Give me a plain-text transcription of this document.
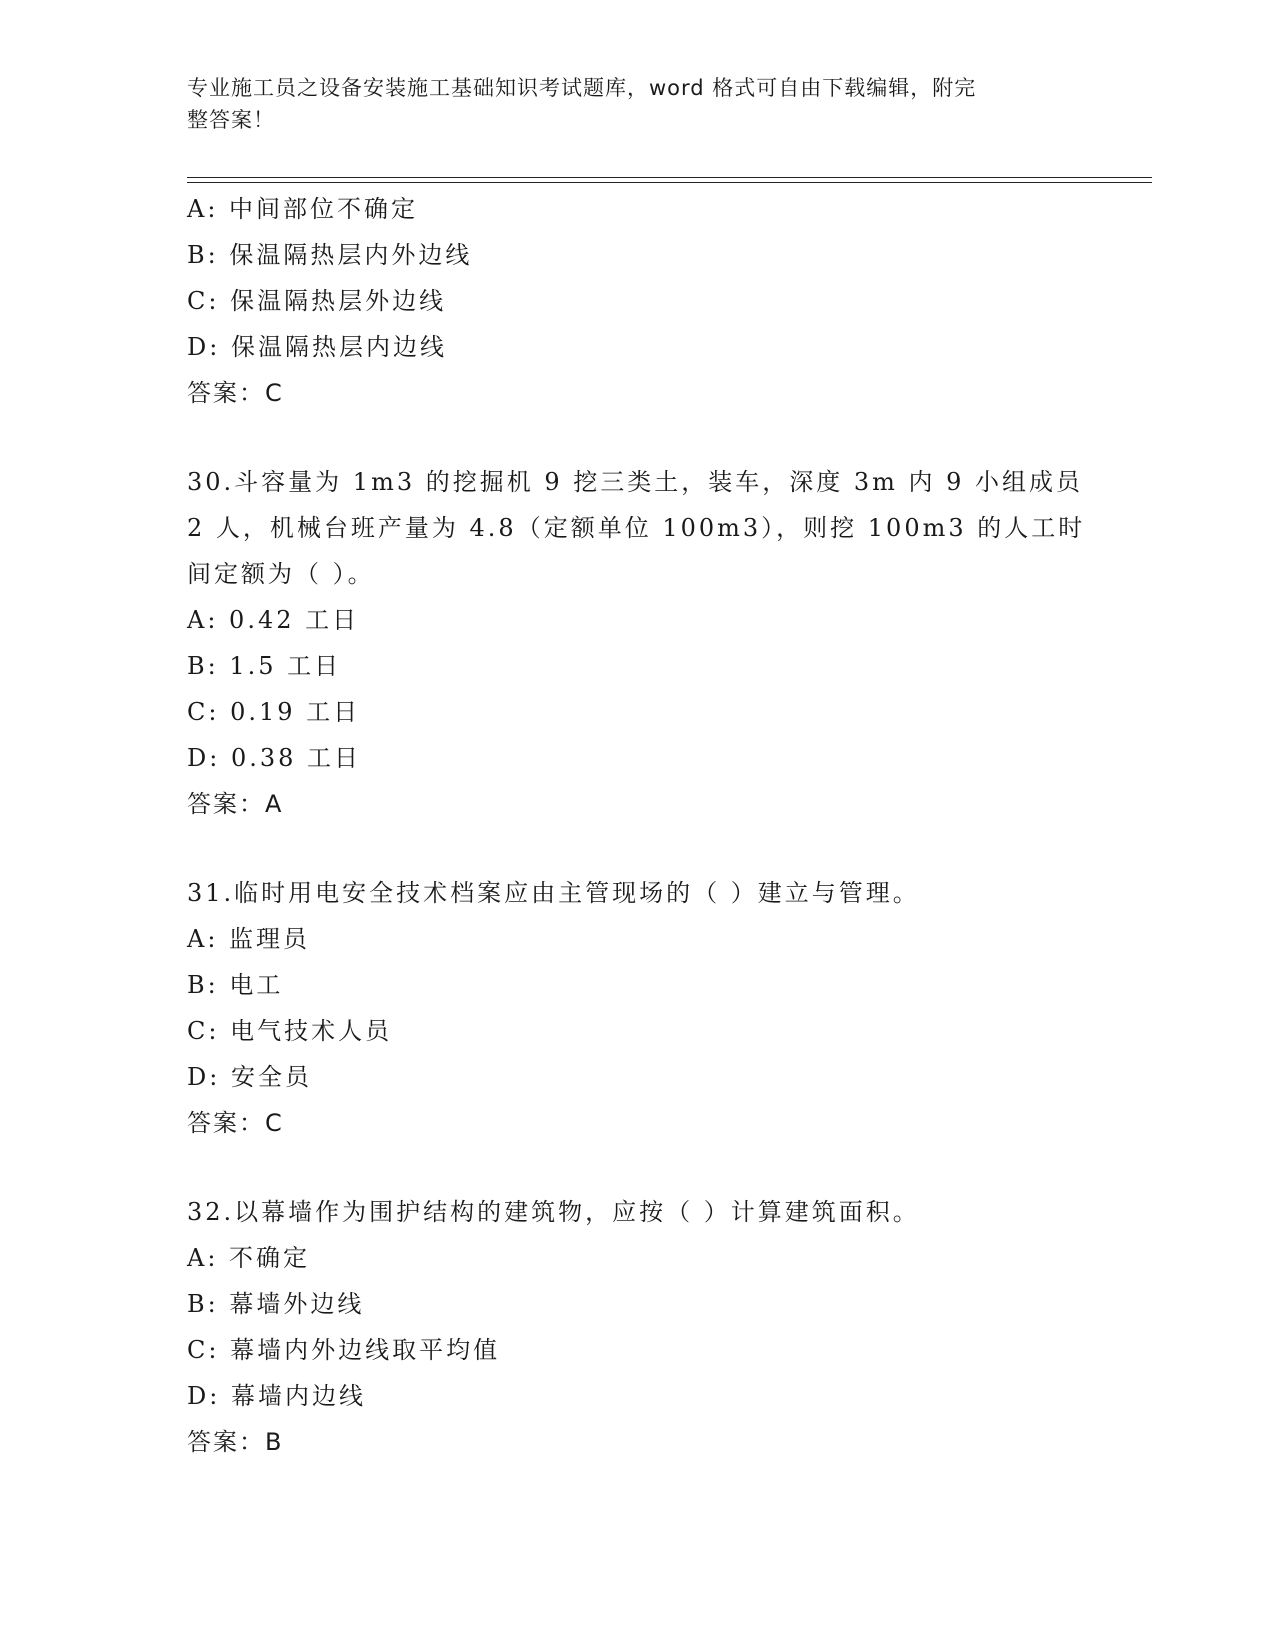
专业施工员之设备安装施工基础知识考试题库，word 格式可自由下载编辑，附完
整答案！
A: 中间部位不确定
B: 保温隔热层内外边线
C: 保温隔热层外边线
D: 保温隔热层内边线
答案：C
30.斗容量为 1m3 的挖掘机 9 挖三类土，装车，深度 3m 内 9 小组成员
2 人，机械台班产量为 4.8（定额单位 100m3），则挖 100m3 的人工时
间定额为（ ）。
A: 0.42 工日
B: 1.5 工日
C: 0.19 工日
D: 0.38 工日
答案：A
31.临时用电安全技术档案应由主管现场的（ ）建立与管理。
A: 监理员
B: 电工
C: 电气技术人员
D: 安全员
答案：C
32.以幕墙作为围护结构的建筑物，应按（ ）计算建筑面积。
A: 不确定
B: 幕墙外边线
C: 幕墙内外边线取平均值
D: 幕墙内边线
答案：B
